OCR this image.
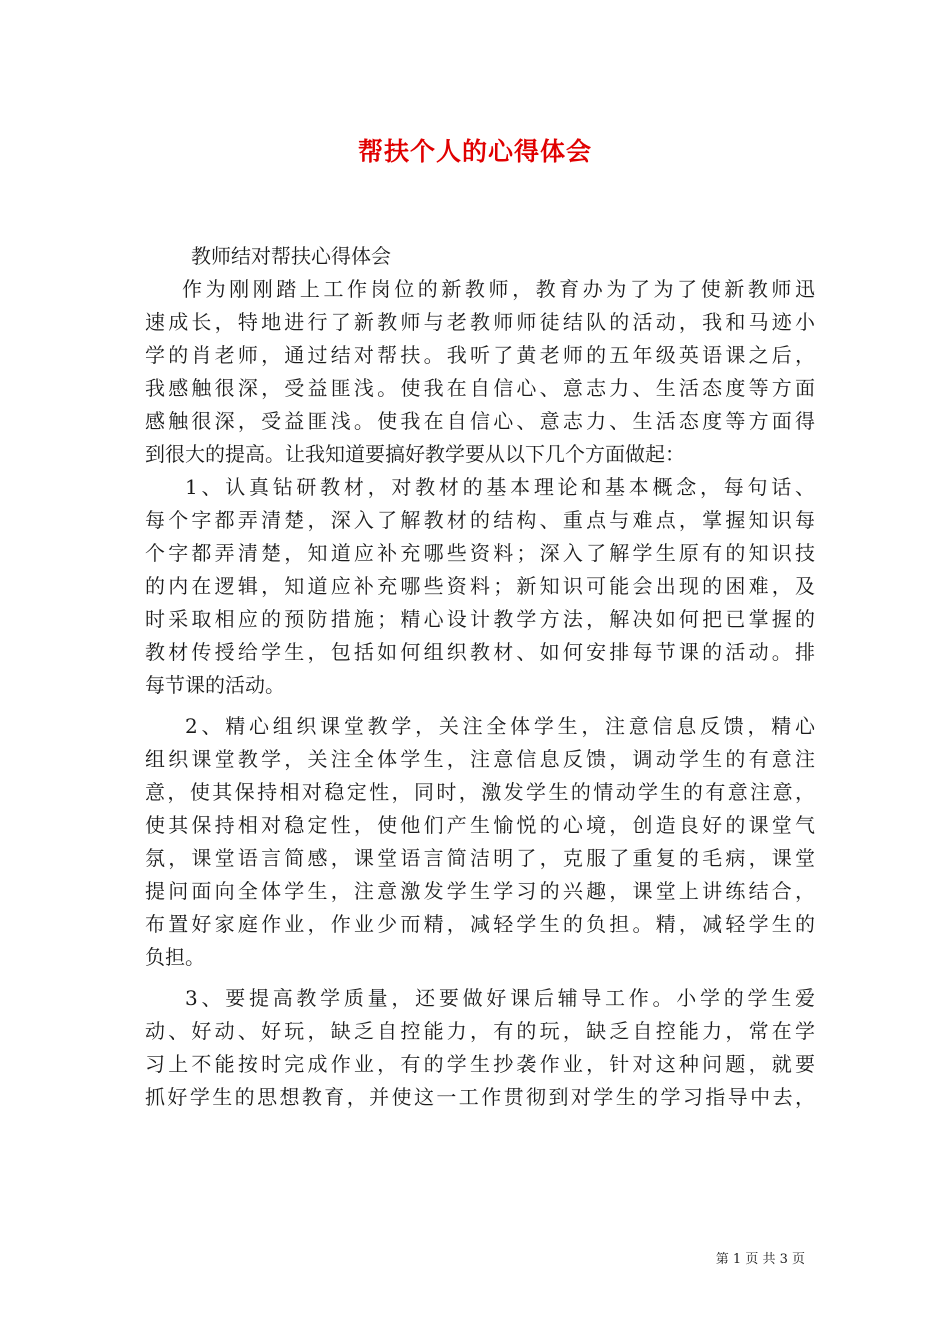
帮扶个人的心得体会
教师结对帮扶心得体会
作为刚刚踏上工作岗位的新教师，教育办为了为了使新教师迅
速成长，特地进行了新教师与老教师师徒结队的活动，我和马迹小
学的肖老师，通过结对帮扶。我听了黄老师的五年级英语课之后，
我感触很深，受益匪浅。使我在自信心、意志力、生活态度等方面
感触很深，受益匪浅。使我在自信心、意志力、生活态度等方面得
到很大的提高。让我知道要搞好教学要从以下几个方面做起：
1、认真钻研教材，对教材的基本理论和基本概念，每句话、
每个字都弄清楚，深入了解教材的结构、重点与难点，掌握知识每
个字都弄清楚，知道应补充哪些资料；深入了解学生原有的知识技
的内在逻辑，知道应补充哪些资料；新知识可能会出现的困难，及
时采取相应的预防措施；精心设计教学方法，解决如何把已掌握的
教材传授给学生，包括如何组织教材、如何安排每节课的活动。排
每节课的活动。
2、精心组织课堂教学，关注全体学生，注意信息反馈，精心
组织课堂教学，关注全体学生，注意信息反馈，调动学生的有意注
意，使其保持相对稳定性，同时，激发学生的情动学生的有意注意，
使其保持相对稳定性，使他们产生愉悦的心境，创造良好的课堂气
氛，课堂语言简感，课堂语言简洁明了，克服了重复的毛病，课堂
提问面向全体学生，注意激发学生学习的兴趣，课堂上讲练结合，
布置好家庭作业，作业少而精，减轻学生的负担。精，减轻学生的
负担。
3、要提高教学质量，还要做好课后辅导工作。小学的学生爱
动、好动、好玩，缺乏自控能力，有的玩，缺乏自控能力，常在学
习上不能按时完成作业，有的学生抄袭作业，针对这种问题，就要
抓好学生的思想教育，并使这一工作贯彻到对学生的学习指导中去，
第 1 页 共 3 页
